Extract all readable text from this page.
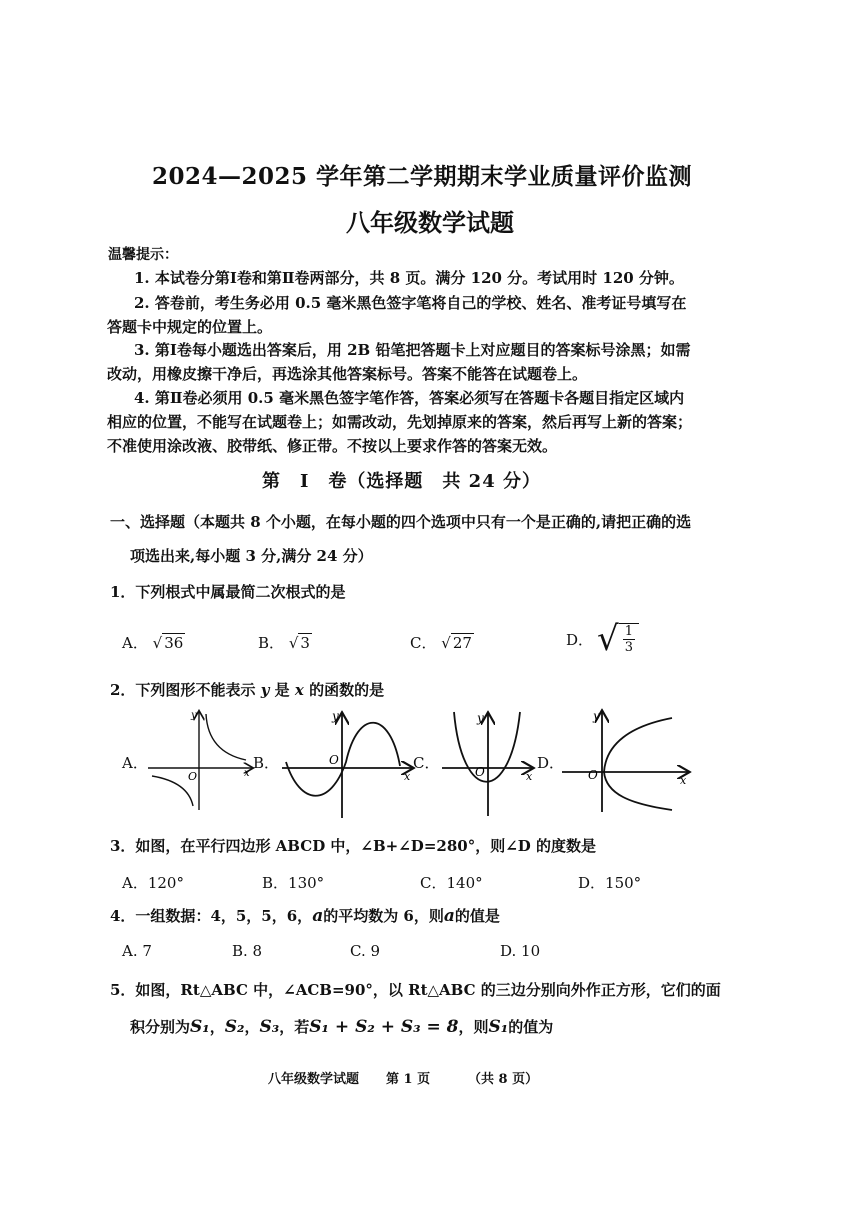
2024—2025 学年第二学期期末学业质量评价监测
八年级数学试题
温馨提示：
1. 本试卷分第Ⅰ卷和第Ⅱ卷两部分，共 8 页。满分 120 分。考试用时 120 分钟。
2. 答卷前，考生务必用 0.5 毫米黑色签字笔将自己的学校、姓名、准考证号填写在
答题卡中规定的位置上。
3. 第Ⅰ卷每小题选出答案后，用 2B 铅笔把答题卡上对应题目的答案标号涂黑；如需
改动，用橡皮擦干净后，再选涂其他答案标号。答案不能答在试题卷上。
4. 第Ⅱ卷必须用 0.5 毫米黑色签字笔作答，答案必须写在答题卡各题目指定区域内
相应的位置，不能写在试题卷上；如需改动，先划掉原来的答案，然后再写上新的答案；
不准使用涂改液、胶带纸、修正带。不按以上要求作答的答案无效。
第　Ⅰ　卷（选择题　共 24 分）
一、选择题（本题共 8 个小题，在每小题的四个选项中只有一个是正确的,请把正确的选
项选出来,每小题 3 分,满分 24 分）
1．下列根式中属最简二次根式的是
A． √ 36	B． √ 3	C． √ 27	D． √ $\frac{1}{3}$
2．下列图形不能表示 y 是 x 的函数的是
A．	B．	C．	D．
y
x
O
y
x
O
y
x
O
y
x
O
3．如图，在平行四边形 ABCD 中，∠B+∠D=280°，则∠D 的度数是
A．120°	B．130°	C．140°	D．150°
4．一组数据：4，5，5，6，a的平均数为 6，则a的值是
A. 7	B. 8	C. 9	D. 10
5．如图，Rt△ABC 中，∠ACB=90°，以 Rt△ABC 的三边分别向外作正方形，它们的面
积分别为S₁，S₂，S₃，若S₁ + S₂ + S₃ = 8，则S₁的值为
八年级数学试题 第 1 页	（共 8 页）
